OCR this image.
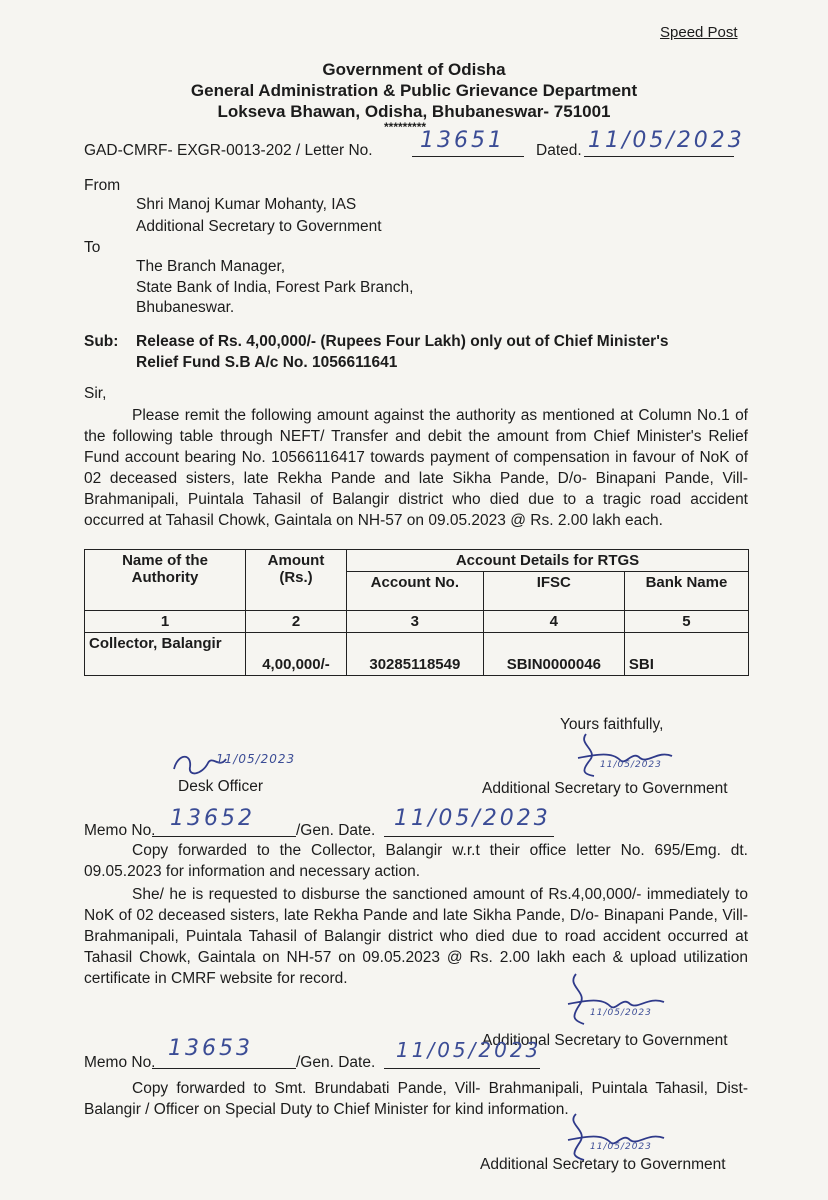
Speed Post
Government of Odisha
General Administration & Public Grievance Department
Lokseva Bhawan, Odisha, Bhubaneswar- 751001
*********
GAD-CMRF- EXGR-0013-202 / Letter No. 13651 Dated. 11/05/2023
From
Shri Manoj Kumar Mohanty, IAS
Additional Secretary to Government
To
The Branch Manager,
State Bank of India, Forest Park Branch,
Bhubaneswar.
Sub: Release of Rs. 4,00,000/- (Rupees Four Lakh) only out of Chief Minister's
Relief Fund S.B A/c No. 1056611641
Sir,
Please remit the following amount against the authority as mentioned at Column No.1 of the following table through NEFT/ Transfer and debit the amount from Chief Minister's Relief Fund account bearing No. 10566116417 towards payment of compensation in favour of NoK of 02 deceased sisters, late Rekha Pande and late Sikha Pande, D/o- Binapani Pande, Vill- Brahmanipali, Puintala Tahasil of Balangir district who died due to a tragic road accident occurred at Tahasil Chowk, Gaintala on NH-57 on 09.05.2023 @ Rs. 2.00 lakh each.
Name of the Authority	Amount (Rs.)	Account Details for RTGS		
		Account No.	IFSC	Bank Name
1	2	3	4	5
Collector, Balangir	4,00,000/-	30285118549	SBIN0000046	SBI
Yours faithfully,
11/05/2023
11/05/2023
Desk Officer	Additional Secretary to Government
Memo No. 13652	/Gen. Date. 11/05/2023
Copy forwarded to the Collector, Balangir w.r.t their office letter No. 695/Emg. dt. 09.05.2023 for information and necessary action.
She/ he is requested to disburse the sanctioned amount of Rs.4,00,000/- immediately to NoK of 02 deceased sisters, late Rekha Pande and late Sikha Pande, D/o- Binapani Pande, Vill- Brahmanipali, Puintala Tahasil of Balangir district who died due to road accident occurred at Tahasil Chowk, Gaintala on NH-57 on 09.05.2023 @ Rs. 2.00 lakh each & upload utilization certificate in CMRF website for record.
11/05/2023
Additional Secretary to Government
Memo No.
13653
/Gen. Date.
11/05/2023
Copy forwarded to Smt. Brundabati Pande, Vill- Brahmanipali, Puintala Tahasil, Dist- Balangir / Officer on Special Duty to Chief Minister for kind information.
11/05/2023
Additional Secretary to Government
